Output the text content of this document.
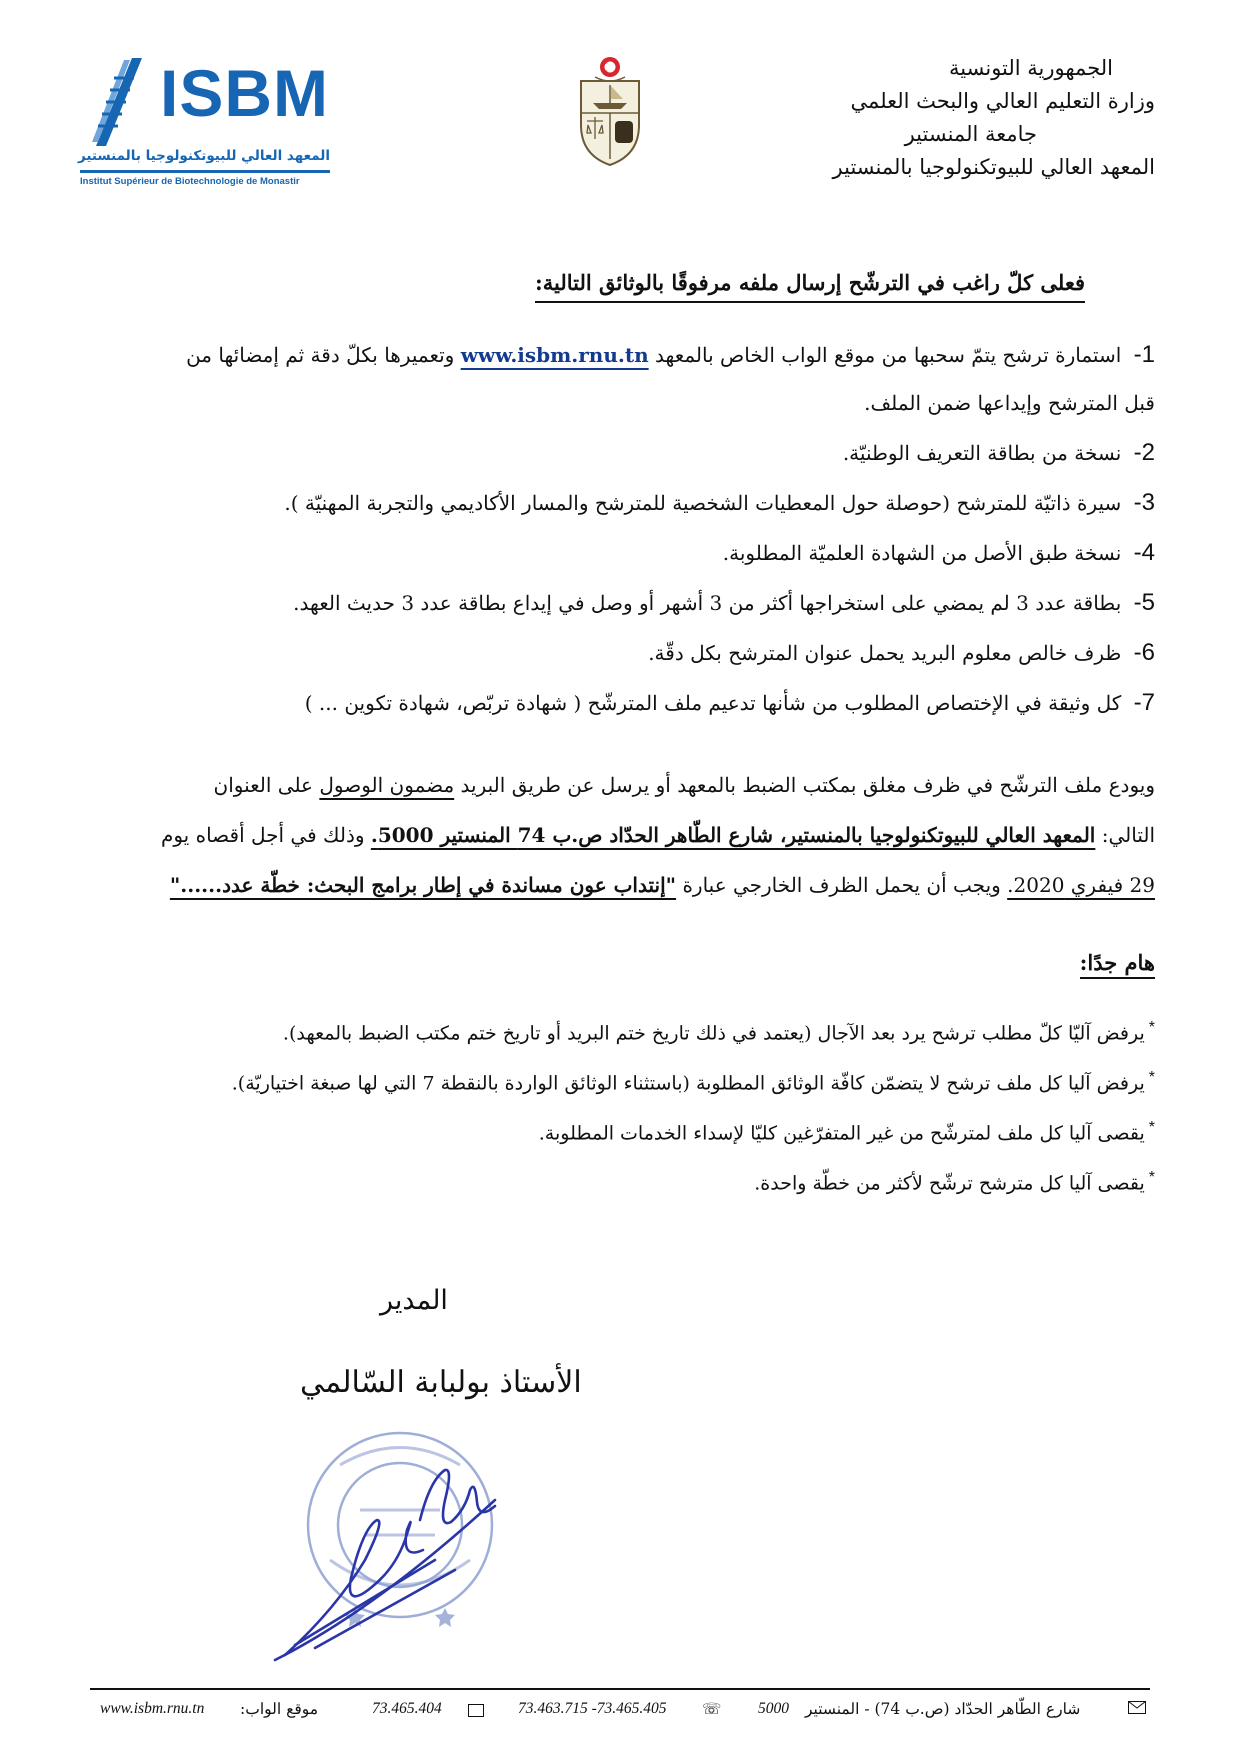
ISBM
المعهد العالي للبيوتكنولوجيا بالمنستير
Institut Supérieur de Biotechnologie de Monastir
الجمهورية التونسية
وزارة التعليم العالي والبحث العلمي
جامعة المنستير
المعهد العالي للبيوتكنولوجيا بالمنستير
فعلى كلّ راغب في الترشّح إرسال ملفه مرفوقًا بالوثائق التالية:
1- استمارة ترشح يتمّ سحبها من موقع الواب الخاص بالمعهد www.isbm.rnu.tn وتعميرها بكلّ دقة ثم إمضائها من
قبل المترشح وإيداعها ضمن الملف.
2- نسخة من بطاقة التعريف الوطنيّة.
3- سيرة ذاتيّة للمترشح (حوصلة حول المعطيات الشخصية للمترشح والمسار الأكاديمي والتجربة المهنيّة ).
4- نسخة طبق الأصل من الشهادة العلميّة المطلوبة.
5- بطاقة عدد 3 لم يمضي على استخراجها أكثر من 3 أشهر أو وصل في إيداع بطاقة عدد 3 حديث العهد.
6- ظرف خالص معلوم البريد يحمل عنوان المترشح بكل دقّة.
7- كل وثيقة في الإختصاص المطلوب من شأنها تدعيم ملف المترشّح ( شهادة تربّص، شهادة تكوين ... )
ويودع ملف الترشّح في ظرف مغلق بمكتب الضبط بالمعهد أو يرسل عن طريق البريد مضمون الوصول على العنوان
التالي: المعهد العالي للبيوتكنولوجيا بالمنستير، شارع الطّاهر الحدّاد ص.ب 74 المنستير 5000. وذلك في أجل أقصاه يوم
29 فيفري 2020. ويجب أن يحمل الظرف الخارجي عبارة "إنتداب عون مساندة في إطار برامج البحث: خطّة عدد......"
هام جدًا:
*يرفض آليّا كلّ مطلب ترشح يرد بعد الآجال (يعتمد في ذلك تاريخ ختم البريد أو تاريخ ختم مكتب الضبط بالمعهد).
*يرفض آليا كل ملف ترشح لا يتضمّن كافّة الوثائق المطلوبة (باستثناء الوثائق الواردة بالنقطة 7 التي لها صبغة اختياريّة).
*يقصى آليا كل ملف لمترشّح من غير المتفرّغين كليّا لإسداء الخدمات المطلوبة.
*يقصى آليا كل مترشح ترشّح لأكثر من خطّة واحدة.
المدير
الأستاذ بولبابة السّالمي
www.isbm.rnu.tn موقع الواب:	73.465.404	73.463.715 -73.465.405 ☏ 5000 شارع الطّاهر الحدّاد (ص.ب 74) - المنستير
